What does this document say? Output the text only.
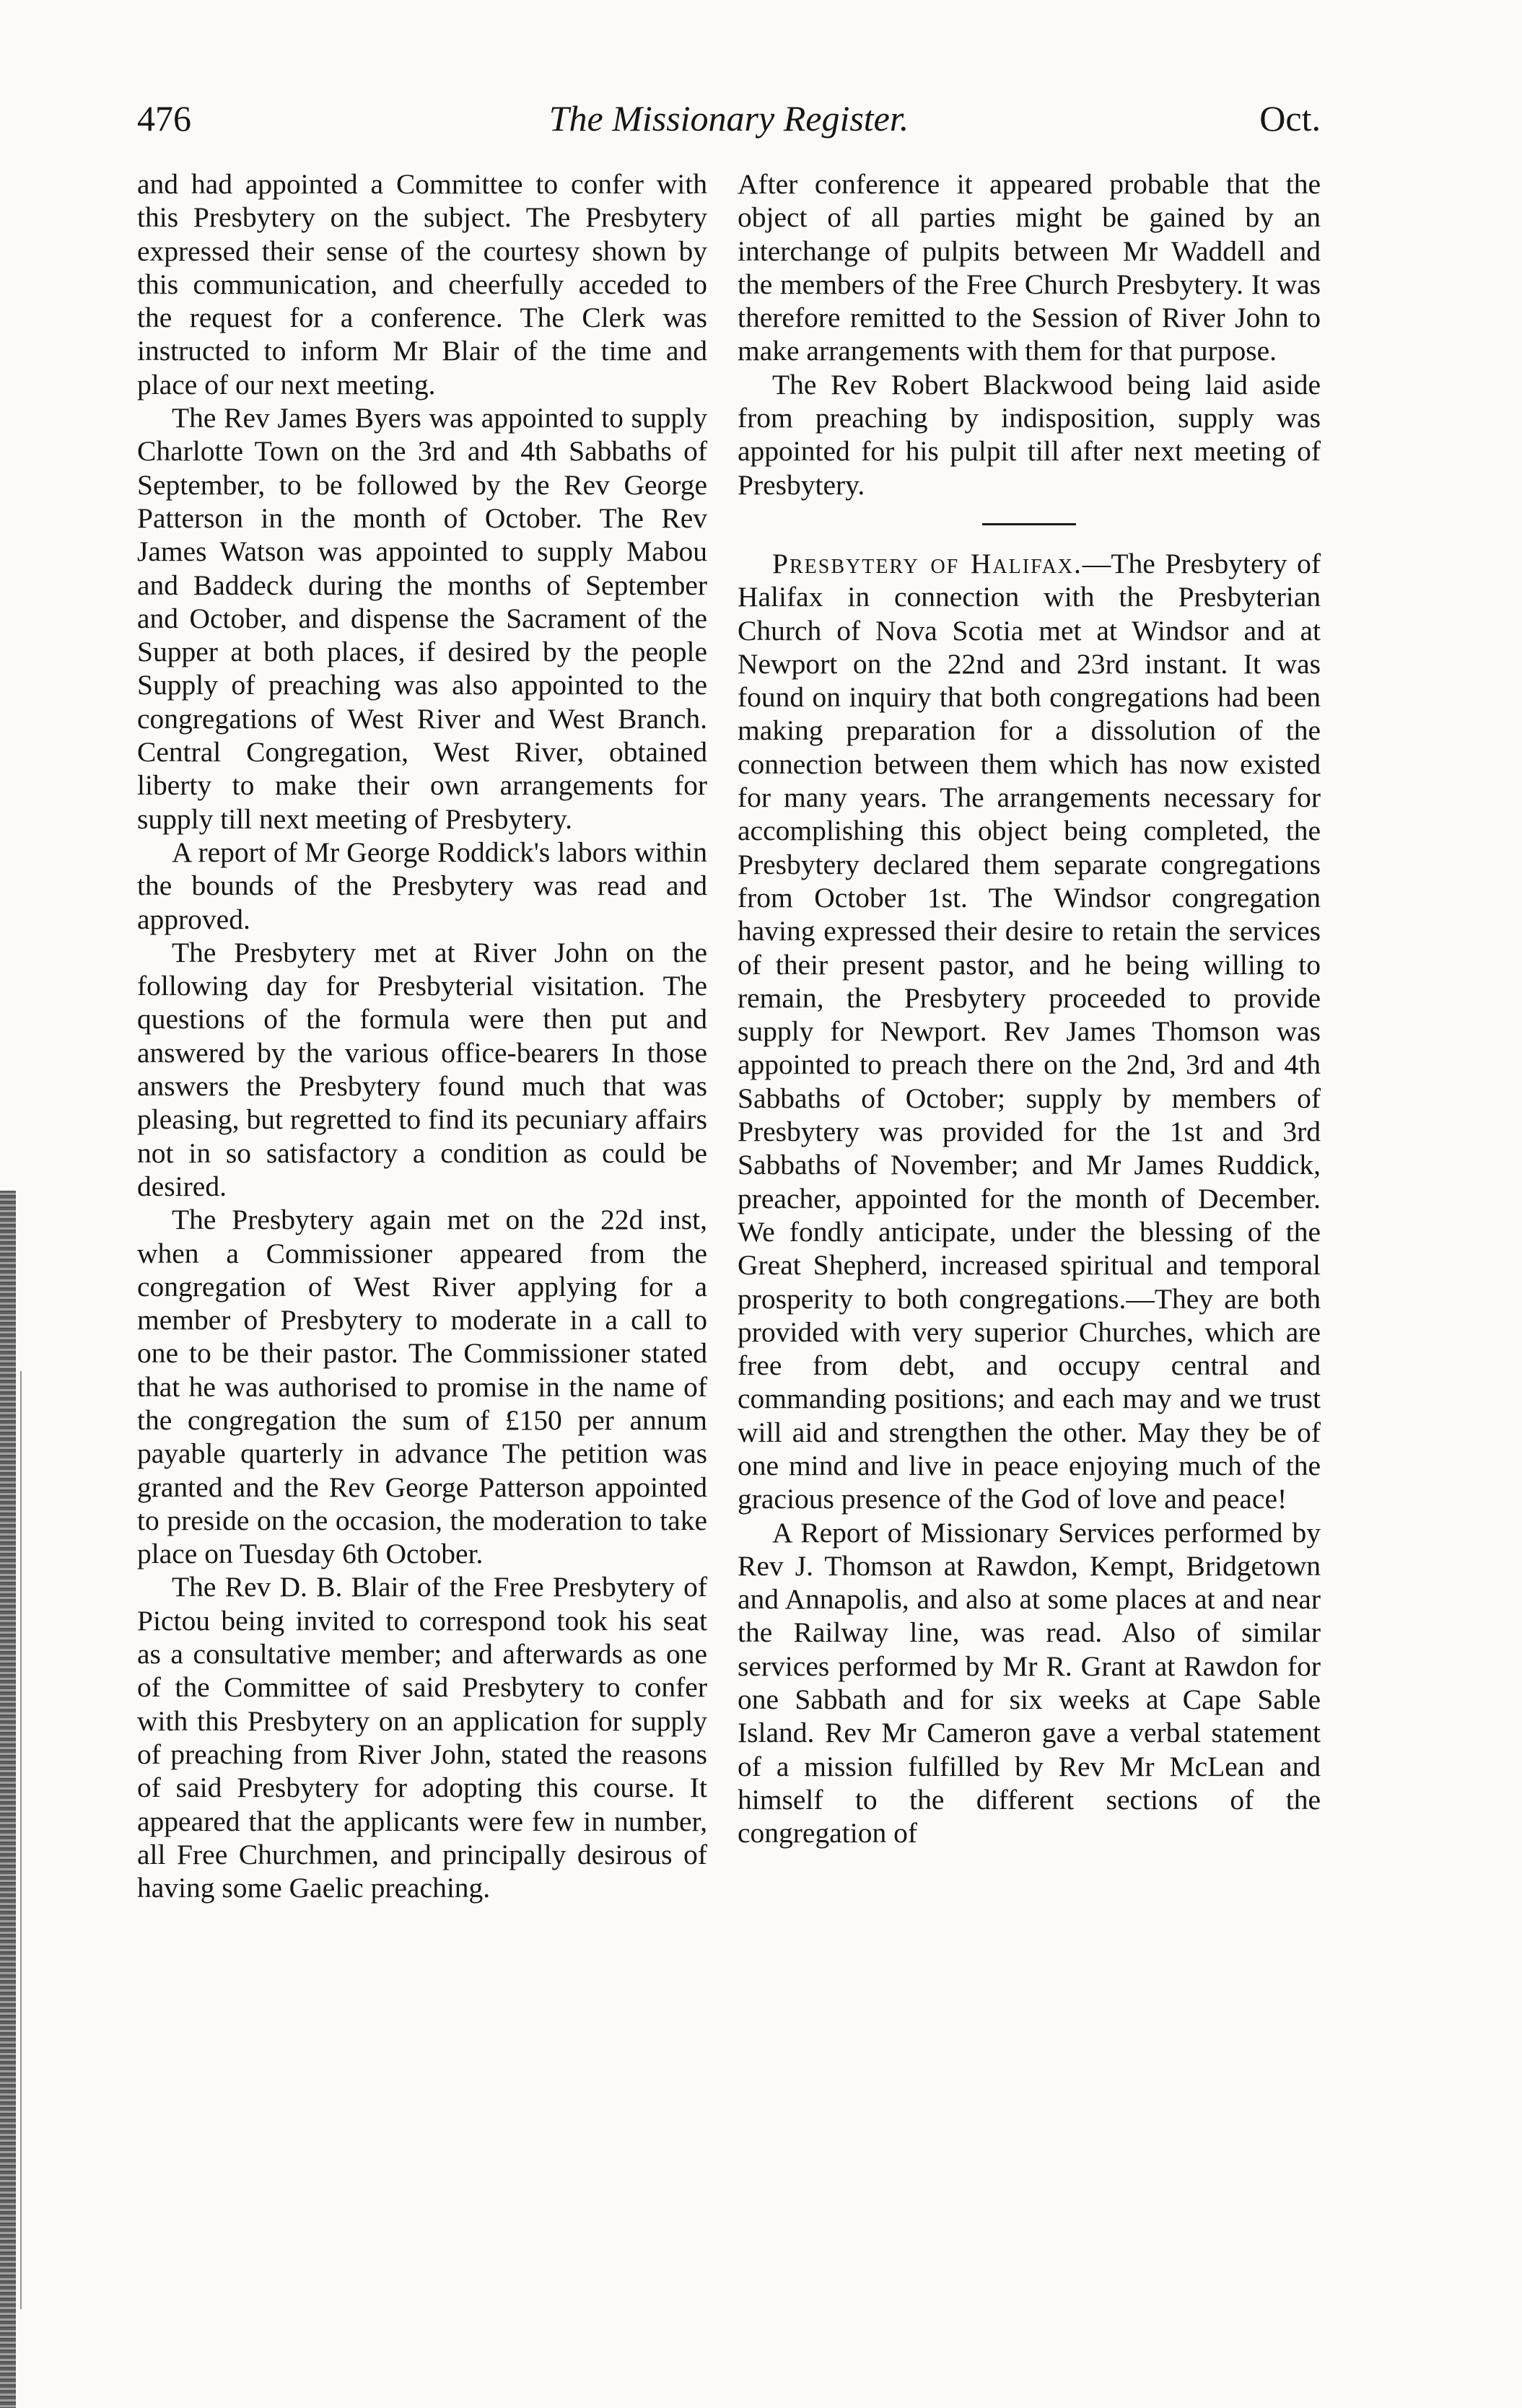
476	The Missionary Register.	Oct.

and had appointed a Committee to confer with this Presbytery on the subject. The Presbytery expressed their sense of the courtesy shown by this communication, and cheerfully acceded to the request for a conference. The Clerk was instructed to inform Mr Blair of the time and place of our next meeting.

The Rev James Byers was appointed to supply Charlotte Town on the 3rd and 4th Sabbaths of September, to be followed by the Rev George Patterson in the month of October. The Rev James Watson was appointed to supply Mabou and Baddeck during the months of September and October, and dispense the Sacrament of the Supper at both places, if desired by the people Supply of preaching was also appointed to the congregations of West River and West Branch. Central Congregation, West River, obtained liberty to make their own arrangements for supply till next meeting of Presbytery.

A report of Mr George Roddick's labors within the bounds of the Presbytery was read and approved.

The Presbytery met at River John on the following day for Presbyterial visitation. The questions of the formula were then put and answered by the various office-bearers In those answers the Presbytery found much that was pleasing, but regretted to find its pecuniary affairs not in so satisfactory a condition as could be desired.

The Presbytery again met on the 22d inst, when a Commissioner appeared from the congregation of West River applying for a member of Presbytery to moderate in a call to one to be their pastor. The Commissioner stated that he was authorised to promise in the name of the congregation the sum of £150 per annum payable quarterly in advance The petition was granted and the Rev George Patterson appointed to preside on the occasion, the moderation to take place on Tuesday 6th October.

The Rev D. B. Blair of the Free Presbytery of Pictou being invited to correspond took his seat as a consultative member; and afterwards as one of the Committee of said Presbytery to confer with this Presbytery on an application for supply of preaching from River John, stated the reasons of said Presbytery for adopting this course. It appeared that the applicants were few in number, all Free Churchmen, and principally desirous of having some Gaelic preaching.

After conference it appeared probable that the object of all parties might be gained by an interchange of pulpits between Mr Waddell and the members of the Free Church Presbytery. It was therefore remitted to the Session of River John to make arrangements with them for that purpose.

The Rev Robert Blackwood being laid aside from preaching by indisposition, supply was appointed for his pulpit till after next meeting of Presbytery.

Presbytery of Halifax.—The Presbytery of Halifax in connection with the Presbyterian Church of Nova Scotia met at Windsor and at Newport on the 22nd and 23rd instant. It was found on inquiry that both congregations had been making preparation for a dissolution of the connection between them which has now existed for many years. The arrangements necessary for accomplishing this object being completed, the Presbytery declared them separate congregations from October 1st. The Windsor congregation having expressed their desire to retain the services of their present pastor, and he being willing to remain, the Presbytery proceeded to provide supply for Newport. Rev James Thomson was appointed to preach there on the 2nd, 3rd and 4th Sabbaths of October; supply by members of Presbytery was provided for the 1st and 3rd Sabbaths of November; and Mr James Ruddick, preacher, appointed for the month of December. We fondly anticipate, under the blessing of the Great Shepherd, increased spiritual and temporal prosperity to both congregations.—They are both provided with very superior Churches, which are free from debt, and occupy central and commanding positions; and each may and we trust will aid and strengthen the other. May they be of one mind and live in peace enjoying much of the gracious presence of the God of love and peace!

A Report of Missionary Services performed by Rev J. Thomson at Rawdon, Kempt, Bridgetown and Annapolis, and also at some places at and near the Railway line, was read. Also of similar services performed by Mr R. Grant at Rawdon for one Sabbath and for six weeks at Cape Sable Island. Rev Mr Cameron gave a verbal statement of a mission fulfilled by Rev Mr McLean and himself to the different sections of the congregation of
